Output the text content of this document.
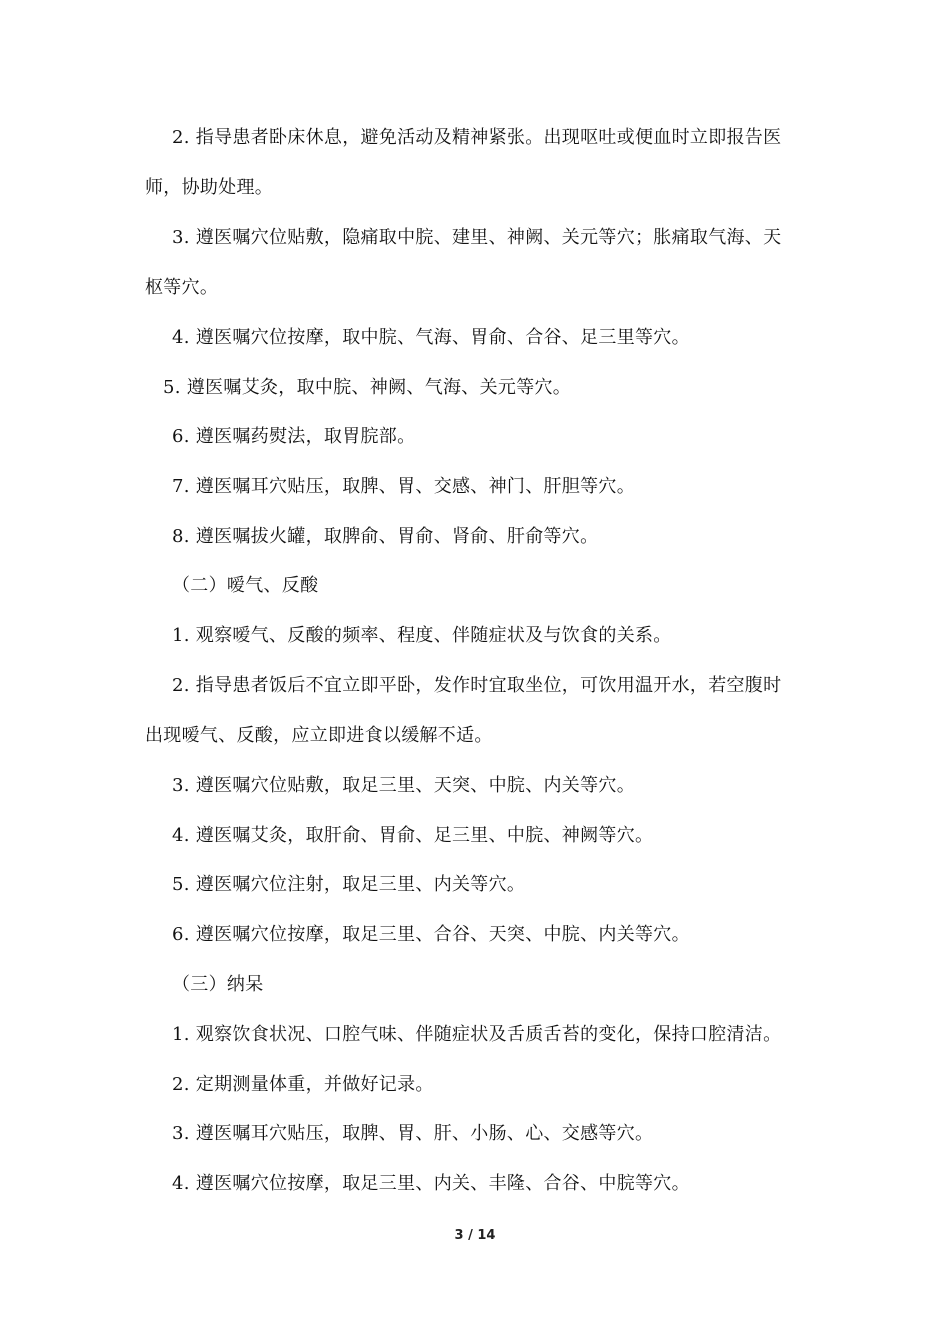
2. 指导患者卧床休息，避免活动及精神紧张。出现呕吐或便血时立即报告医
师，协助处理。
3. 遵医嘱穴位贴敷，隐痛取中脘、建里、神阙、关元等穴；胀痛取气海、天
枢等穴。
4. 遵医嘱穴位按摩，取中脘、气海、胃俞、合谷、足三里等穴。
5. 遵医嘱艾灸，取中脘、神阙、气海、关元等穴。
6. 遵医嘱药熨法，取胃脘部。
7. 遵医嘱耳穴贴压，取脾、胃、交感、神门、肝胆等穴。
8. 遵医嘱拔火罐，取脾俞、胃俞、肾俞、肝俞等穴。
（二）嗳气、反酸
1. 观察嗳气、反酸的频率、程度、伴随症状及与饮食的关系。
2. 指导患者饭后不宜立即平卧，发作时宜取坐位，可饮用温开水，若空腹时
出现嗳气、反酸，应立即进食以缓解不适。
3. 遵医嘱穴位贴敷，取足三里、天突、中脘、内关等穴。
4. 遵医嘱艾灸，取肝俞、胃俞、足三里、中脘、神阙等穴。
5. 遵医嘱穴位注射，取足三里、内关等穴。
6. 遵医嘱穴位按摩，取足三里、合谷、天突、中脘、内关等穴。
（三）纳呆
1. 观察饮食状况、口腔气味、伴随症状及舌质舌苔的变化，保持口腔清洁。
2. 定期测量体重，并做好记录。
3. 遵医嘱耳穴贴压，取脾、胃、肝、小肠、心、交感等穴。
4. 遵医嘱穴位按摩，取足三里、内关、丰隆、合谷、中脘等穴。
3 / 14
